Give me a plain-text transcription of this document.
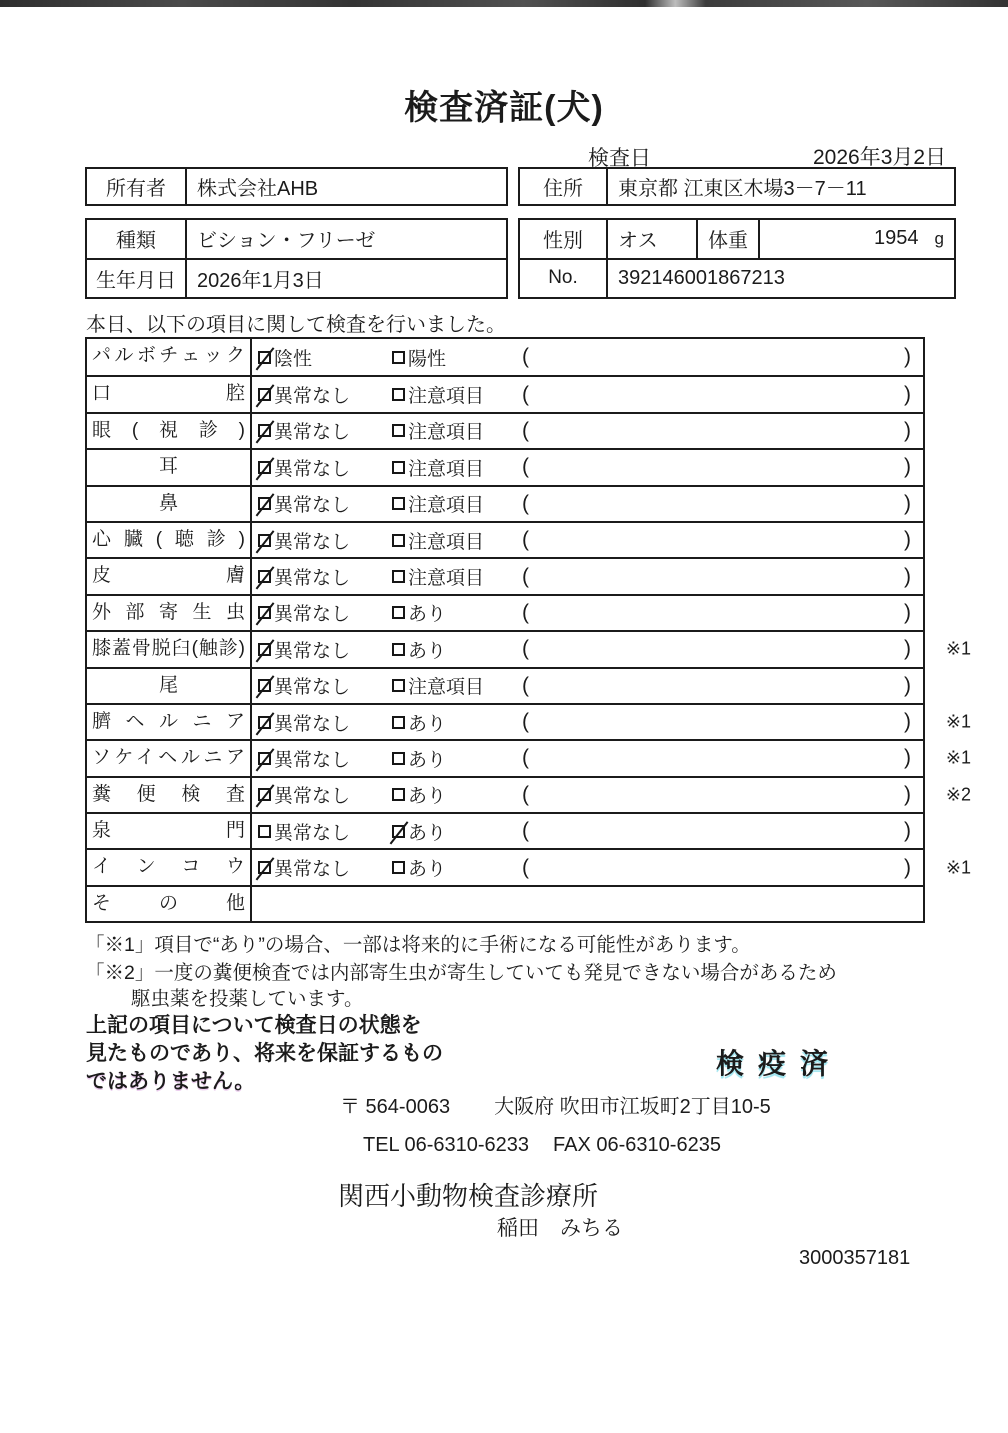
検査済証(犬)
検査日	2026年3月2日
所有者	株式会社AHB	住所	東京都 江東区木場3－7－11
種類	ビション・フリーゼ
生年月日	2026年1月3日
性別	オス	体重	1954 g
No.	392146001867213
本日、以下の項目に関して検査を行いました。
パルボチェック	陰性	陽性	(	)
口腔	異常なし	注意項目 (	)
眼(視診)	異常なし	注意項目 (	)
耳	異常なし	注意項目 (	)
鼻	異常なし	注意項目 (	)
心臓(聴診)	異常なし	注意項目 (	)
皮膚	異常なし	注意項目 (	)
外部寄生虫	異常なし	あり	(	)
膝蓋骨脱臼(触診)	異常なし	あり	(	) ※1
尾	異常なし	注意項目 (	)
臍ヘルニア	異常なし	あり	(	) ※1
ソケイヘルニア	異常なし	あり	(	) ※1
糞便検査	異常なし	あり	(	) ※2
泉門	異常なし	あり	(	)
インコウ	異常なし	あり	(	) ※1
その他
「※1」項目で“あり”の場合、一部は将来的に手術になる可能性があります。
「※2」一度の糞便検査では内部寄生虫が寄生していても発見できない場合があるため
駆虫薬を投薬しています。
上記の項目について検査日の状態を
見たものであり、将来を保証するもの
ではありません。
検疫済
〒 564-0063 大阪府 吹田市江坂町2丁目10-5
TEL 06-6310-6233 FAX 06-6310-6235
関西小動物検査診療所
稲田　みちる
3000357181
